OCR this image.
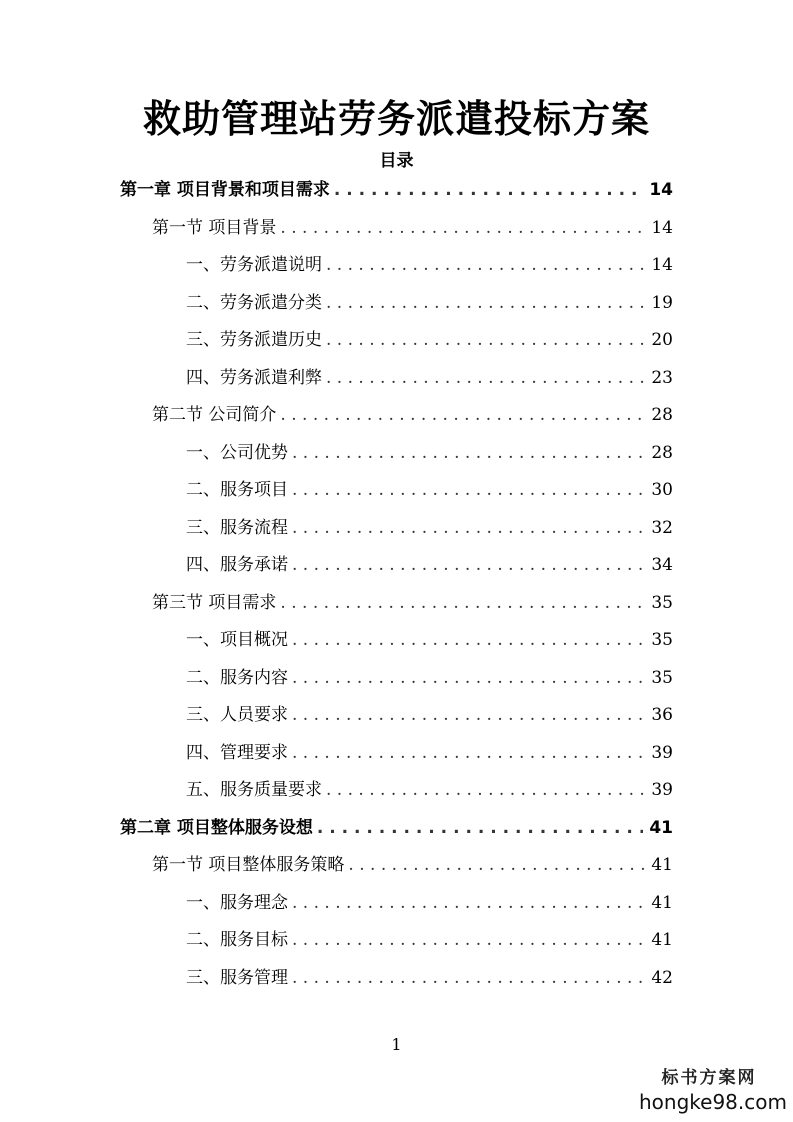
救助管理站劳务派遣投标方案
目录
第一章 项目背景和项目需求 . . .	14
第一节 项目背景 . . .	14
一、劳务派遣说明 . . .	14
二、劳务派遣分类 . . .	19
三、劳务派遣历史 . . .	20
四、劳务派遣利弊 . . .	23
第二节 公司简介 . . .	28
一、公司优势 . . .	28
二、服务项目 . . .	30
三、服务流程 . . .	32
四、服务承诺 . . .	34
第三节 项目需求 . . .	35
一、项目概况 . . .	35
二、服务内容 . . .	35
三、人员要求 . . .	36
四、管理要求 . . .	39
五、服务质量要求 . . .	39
第二章 项目整体服务设想 . . .	41
第一节 项目整体服务策略 . . .	41
一、服务理念 . . .	41
二、服务目标 . . .	41
三、服务管理 . . .	42
1
标书方案网
hongke98.com
